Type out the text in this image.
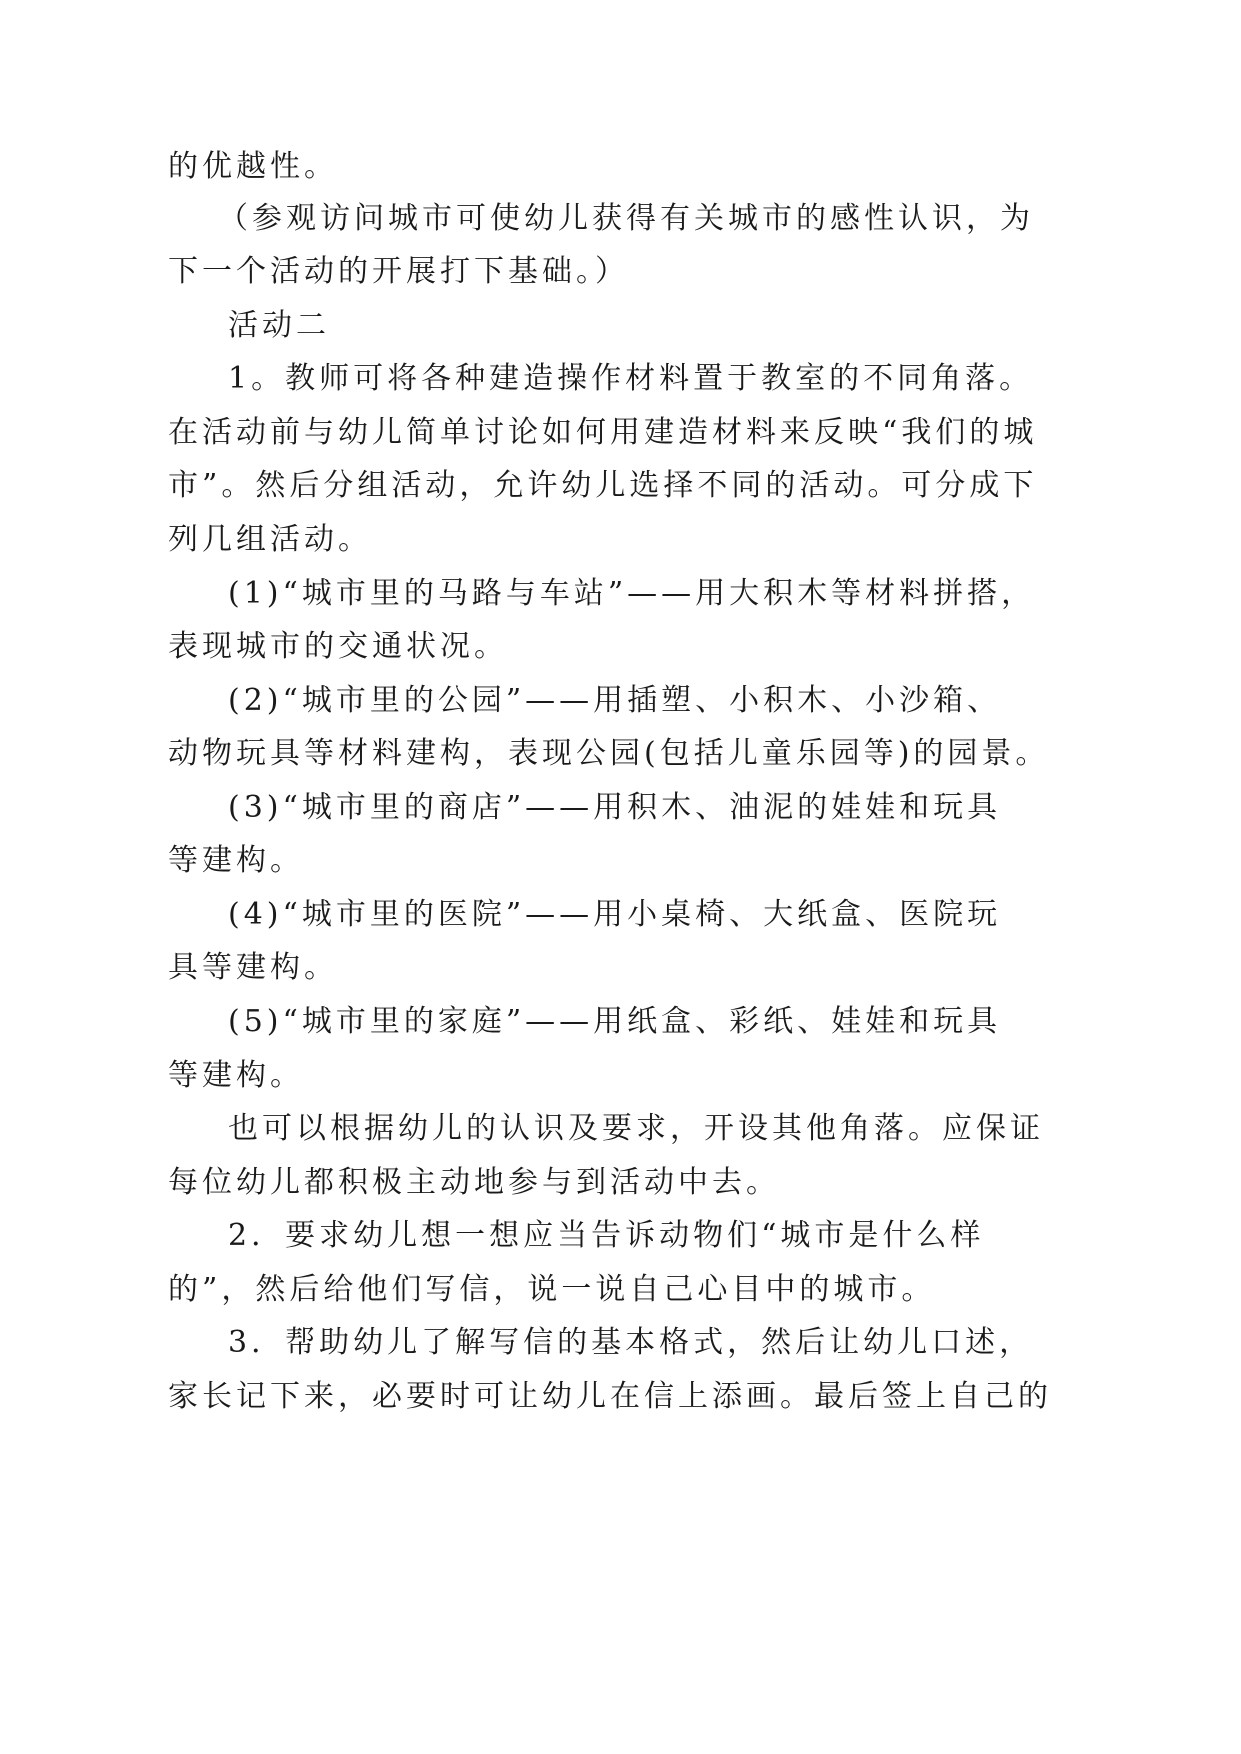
的优越性。

（参观访问城市可使幼儿获得有关城市的感性认识，为

下一个活动的开展打下基础。）

活动二

1。教师可将各种建造操作材料置于教室的不同角落。

在活动前与幼儿简单讨论如何用建造材料来反映“我们的城

市”。然后分组活动，允许幼儿选择不同的活动。可分成下

列几组活动。

(1)“城市里的马路与车站”——用大积木等材料拼搭，

表现城市的交通状况。

(2)“城市里的公园”——用插塑、小积木、小沙箱、

动物玩具等材料建构，表现公园(包括儿童乐园等)的园景。

(3)“城市里的商店”——用积木、油泥的娃娃和玩具

等建构。

(4)“城市里的医院”——用小桌椅、大纸盒、医院玩

具等建构。

(5)“城市里的家庭”——用纸盒、彩纸、娃娃和玩具

等建构。

也可以根据幼儿的认识及要求，开设其他角落。应保证

每位幼儿都积极主动地参与到活动中去。

2．要求幼儿想一想应当告诉动物们“城市是什么样

的”，然后给他们写信，说一说自己心目中的城市。

3．帮助幼儿了解写信的基本格式，然后让幼儿口述，

家长记下来，必要时可让幼儿在信上添画。最后签上自己的
